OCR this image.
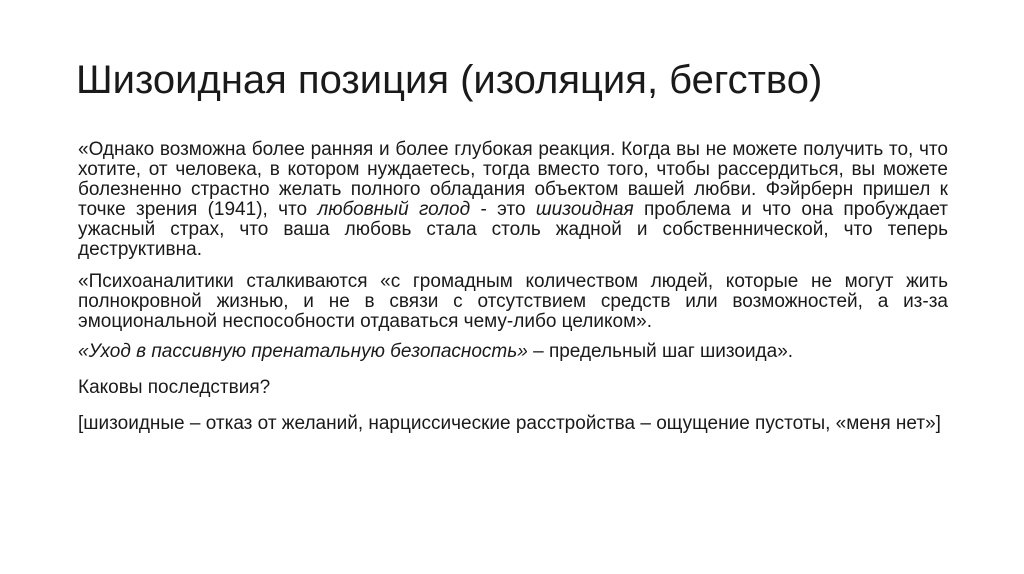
Шизоидная позиция (изоляция, бегство)

«Однако возможна более ранняя и более глубокая реакция. Когда вы не можете получить то, что хотите, от человека, в котором нуждаетесь, тогда вместо того, чтобы рассердиться, вы можете болезненно страстно желать полного обладания объектом вашей любви. Фэйрберн пришел к точке зрения (1941), что любовный голод - это шизоидная проблема и что она пробуждает ужасный страх, что ваша любовь стала столь жадной и собственнической, что теперь деструктивна.

«Психоаналитики сталкиваются «с громадным количеством людей, которые не могут жить полнокровной жизнью, и не в связи с отсутствием средств или возможностей, а из-за эмоциональной неспособности отдаваться чему-либо целиком».

«Уход в пассивную пренатальную безопасность» – предельный шаг шизоида».

Каковы последствия?

[шизоидные – отказ от желаний, нарциссические расстройства – ощущение пустоты, «меня нет»]
